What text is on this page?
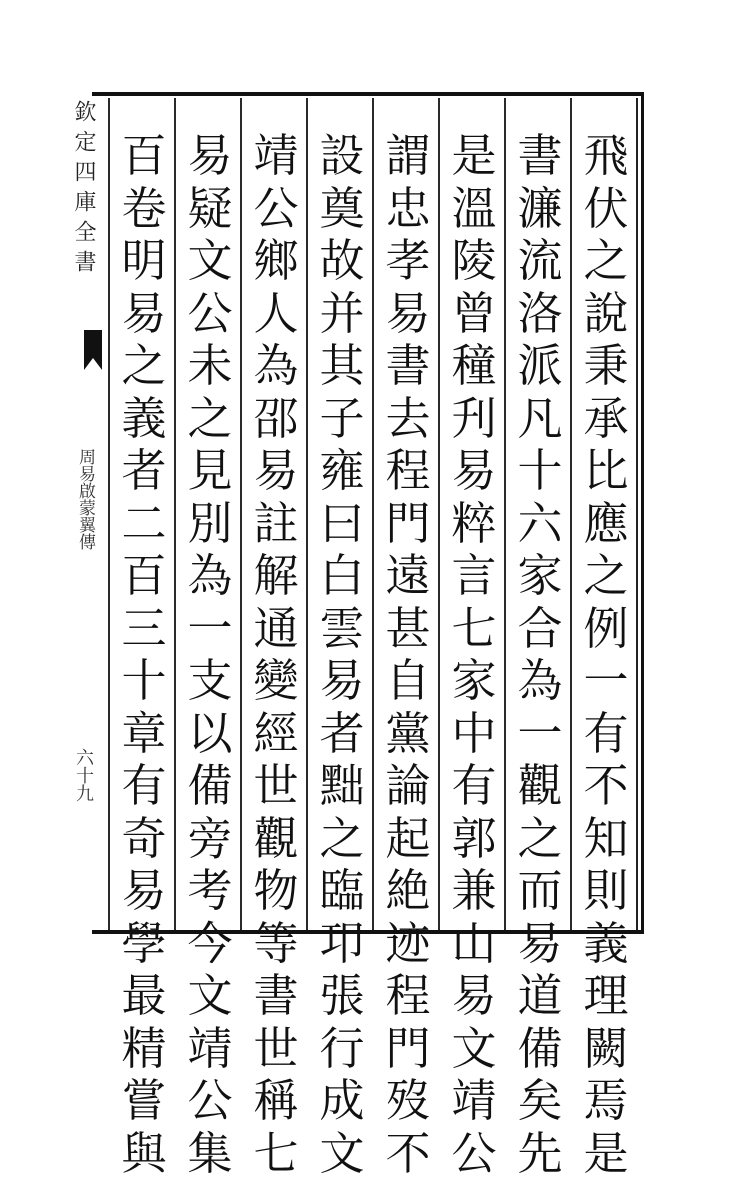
欽定四庫全書
周易啟蒙翼傳
六十九
飛
伏
之
說
秉
承
比
應
之
例
一
有
不
知
則
義
理
闕
焉
是
書
濂
流
洛
派
凡
十
六
家
合
為
一
觀
之
而
易
道
備
矣
先
是
溫
陵
曾
穜
刋
易
粹
言
七
家
中
有
郭
兼
山
易
文
靖
公
謂
忠
孝
易
書
去
程
門
遠
甚
自
黨
論
起
絶
迹
程
門
歿
不
設
奠
故
并
其
子
雍
曰
白
雲
易
者
黜
之
臨
卭
張
行
成
文
靖
公
鄉
人
為
邵
易
註
解
通
變
經
世
觀
物
等
書
世
稱
七
易
疑
文
公
未
之
見
別
為
一
支
以
備
旁
考
今
文
靖
公
集
百
卷
明
易
之
義
者
二
百
三
十
章
有
奇
易
學
最
精
嘗
與
